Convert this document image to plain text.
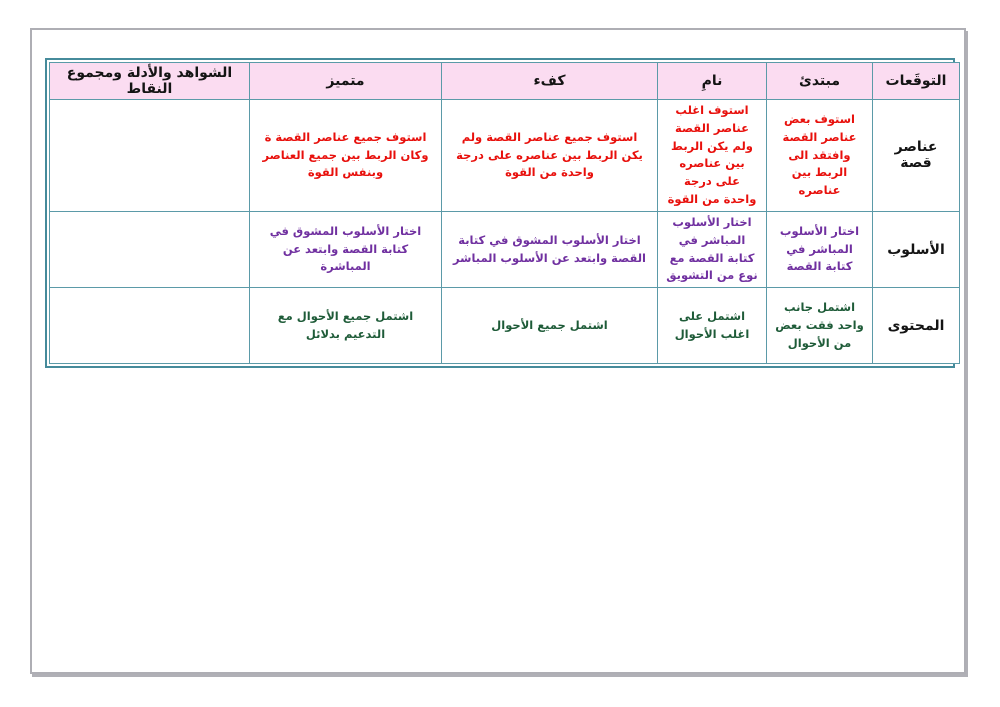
التوقَعات	مبتدئ	نامِ	كفء	متميز	الشواهد والأدلة ومجموع النقاط
عناصر قصة	استوف بعض عناصر القصة وافتقد الى الربط بين عناصره	استوف اغلب عناصر القصة ولم يكن الربط بين عناصره على درجة واحدة من القوة	استوف جميع عناصر القصة ولم يكن الربط بين عناصره على درجة واحدة من القوة	استوف جميع عناصر القصة ة وكان الربط بين جميع العناصر وبنفس القوة	
الأسلوب	اختار الأسلوب المباشر في كتابة القصة	اختار الأسلوب المباشر في كتابة القصة مع نوع من التشويق	اختار الأسلوب المشوق في كتابة القصة وابتعد عن الأسلوب المباشر	اختار الأسلوب المشوق في كتابة القصة وابتعد عن المباشرة	
المحتوى	اشتمل جانب واحد فقت بعض من الأحوال	اشتمل على اغلب الأحوال	اشتمل جميع الأحوال	اشتمل جميع الأحوال مع التدعيم بدلائل	
